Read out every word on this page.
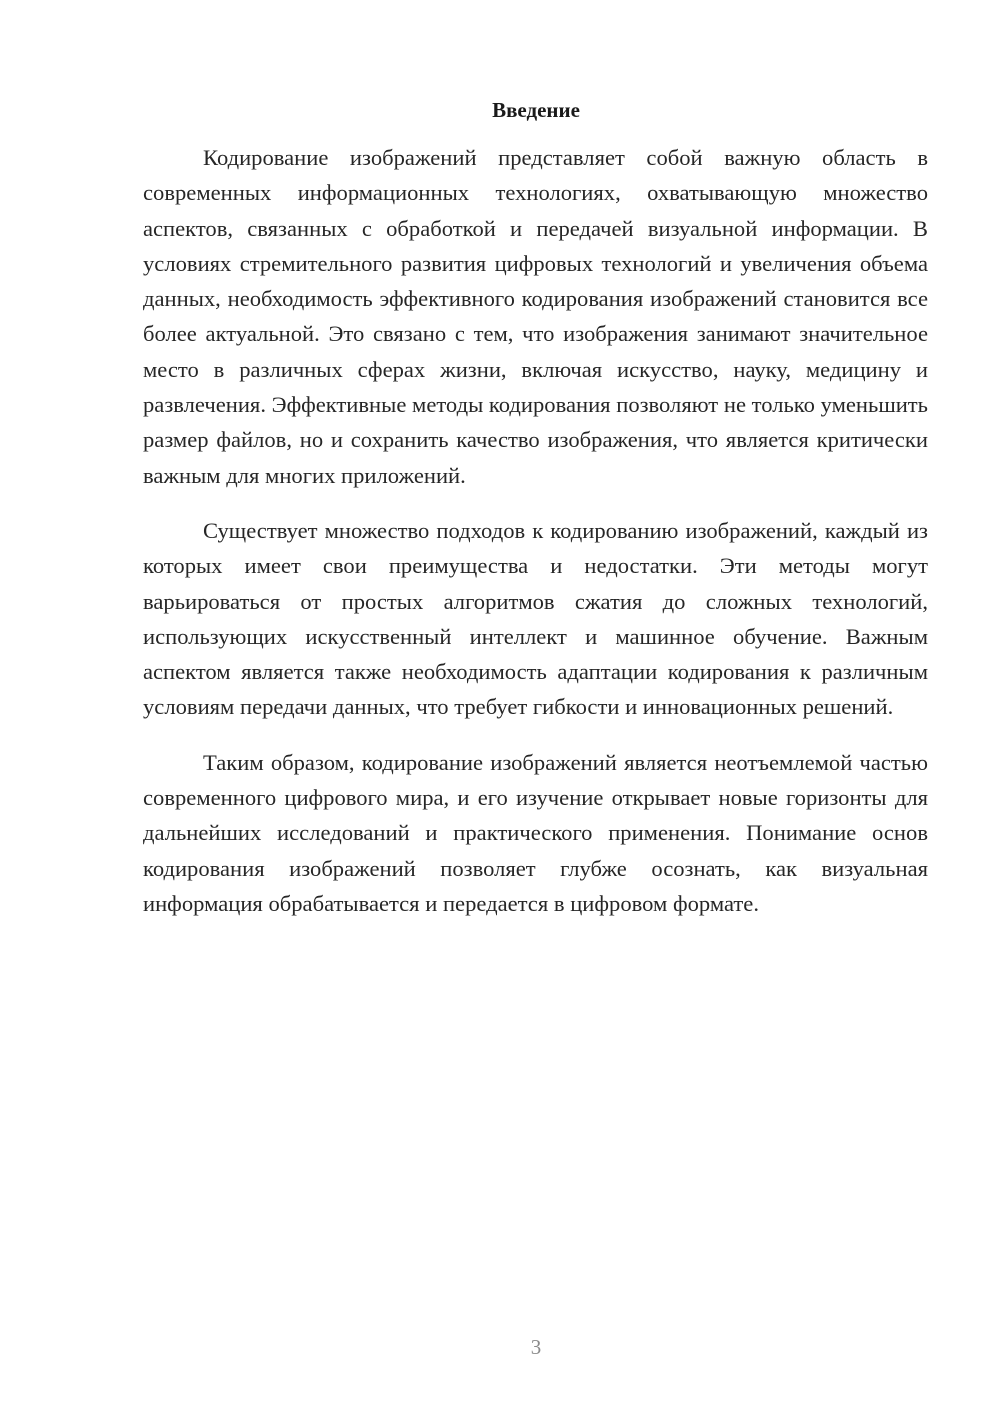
Введение

Кодирование изображений представляет собой важную область в современных информационных технологиях, охватывающую множество аспектов, связанных с обработкой и передачей визуальной информации. В условиях стремительного развития цифровых технологий и увеличения объема данных, необходимость эффективного кодирования изображений становится все более актуальной. Это связано с тем, что изображения занимают значительное место в различных сферах жизни, включая искусство, науку, медицину и развлечения. Эффективные методы кодирования позволяют не только уменьшить размер файлов, но и сохранить качество изображения, что является критически важным для многих приложений.

Существует множество подходов к кодированию изображений, каждый из которых имеет свои преимущества и недостатки. Эти методы могут варьироваться от простых алгоритмов сжатия до сложных технологий, использующих искусственный интеллект и машинное обучение. Важным аспектом является также необходимость адаптации кодирования к различным условиям передачи данных, что требует гибкости и инновационных решений.

Таким образом, кодирование изображений является неотъемлемой частью современного цифрового мира, и его изучение открывает новые горизонты для дальнейших исследований и практического применения. Понимание основ кодирования изображений позволяет глубже осознать, как визуальная информация обрабатывается и передается в цифровом формате.

3
